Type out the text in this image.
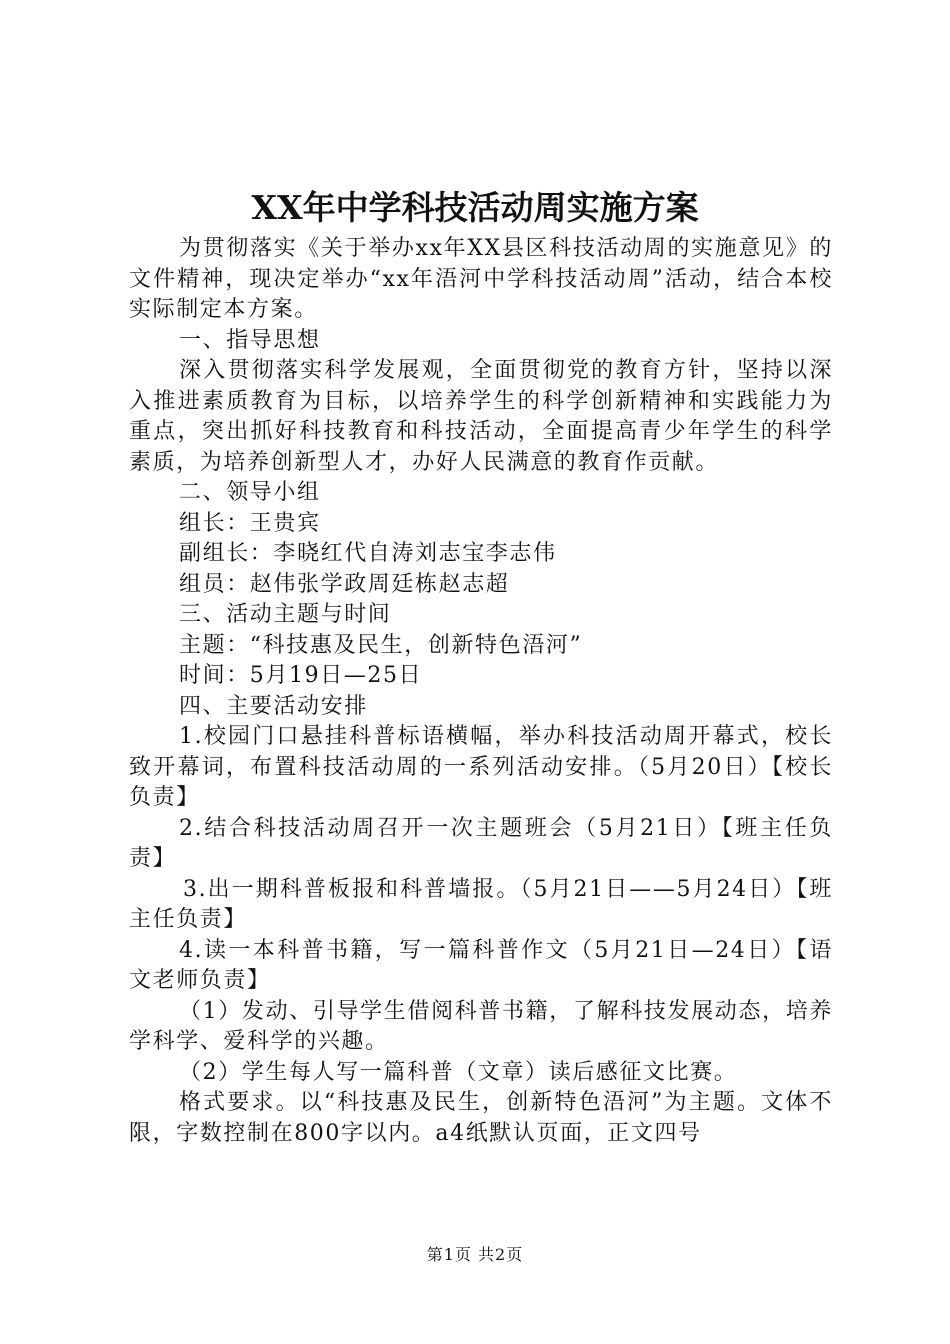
XX年中学科技活动周实施方案

为贯彻落实《关于举办xx年XX县区科技活动周的实施意见》的文件精神，现决定举办“xx年浯河中学科技活动周”活动，结合本校实际制定本方案。

一、指导思想

深入贯彻落实科学发展观，全面贯彻党的教育方针，坚持以深入推进素质教育为目标，以培养学生的科学创新精神和实践能力为重点，突出抓好科技教育和科技活动，全面提高青少年学生的科学素质，为培养创新型人才，办好人民满意的教育作贡献。

二、领导小组

组长：王贵宾

副组长：李晓红代自涛刘志宝李志伟

组员：赵伟张学政周廷栋赵志超

三、活动主题与时间

主题：“科技惠及民生，创新特色浯河”

时间：5月19日—25日

四、主要活动安排

1.校园门口悬挂科普标语横幅，举办科技活动周开幕式，校长致开幕词，布置科技活动周的一系列活动安排。（5月20日）【校长负责】

2.结合科技活动周召开一次主题班会（5月21日）【班主任负责】

3.出一期科普板报和科普墙报。（5月21日——5月24日）【班主任负责】

4.读一本科普书籍，写一篇科普作文（5月21日—24日）【语文老师负责】

（1）发动、引导学生借阅科普书籍，了解科技发展动态，培养学科学、爱科学的兴趣。

（2）学生每人写一篇科普（文章）读后感征文比赛。

格式要求。以“科技惠及民生，创新特色浯河”为主题。文体不限，字数控制在800字以内。a4纸默认页面，正文四号

第1页 共2页
